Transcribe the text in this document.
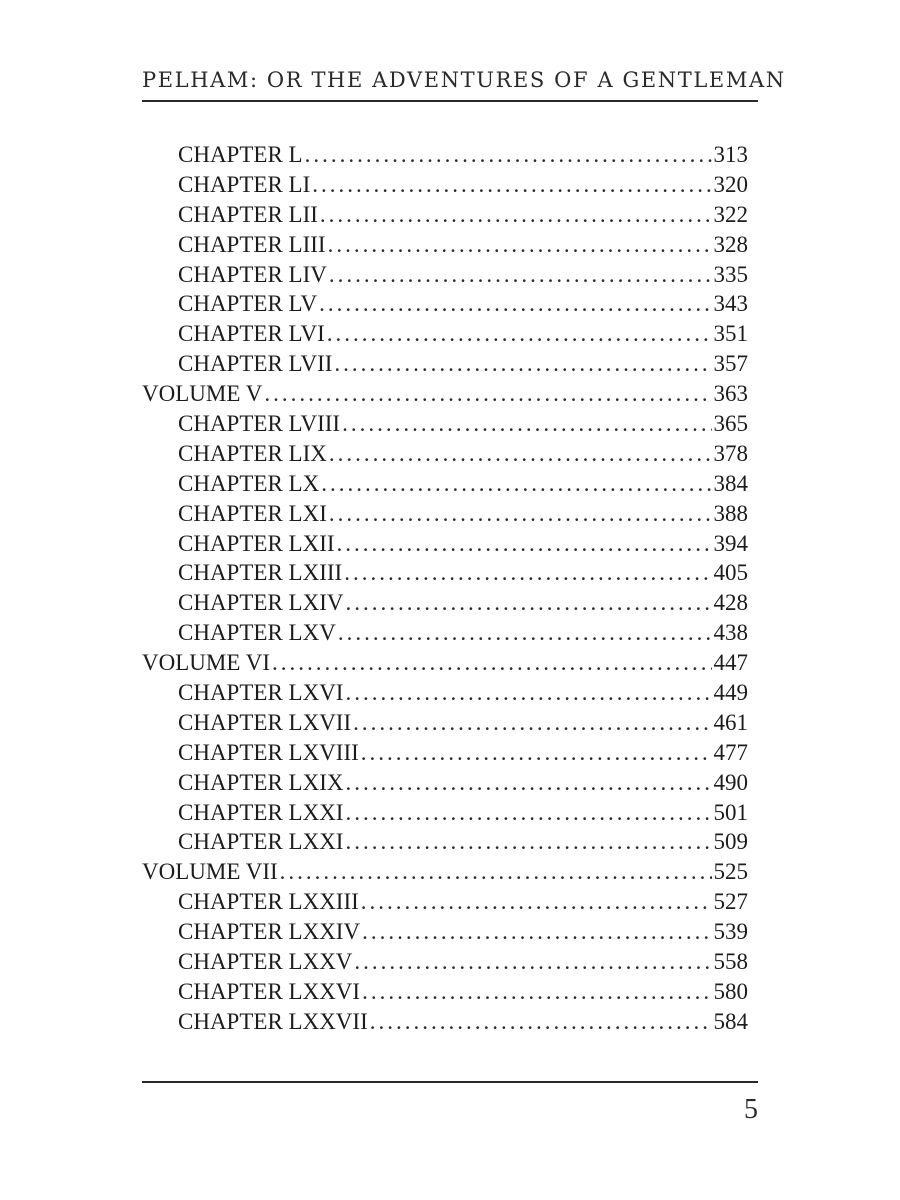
PELHAM: OR THE ADVENTURES OF A GENTLEMAN
CHAPTER L .....	313
CHAPTER LI .....	320
CHAPTER LII .....	322
CHAPTER LIII .....	328
CHAPTER LIV .....	335
CHAPTER LV .....	343
CHAPTER LVI .....	351
CHAPTER LVII .....	357
VOLUME V .....	363
CHAPTER LVIII .....	365
CHAPTER LIX .....	378
CHAPTER LX .....	384
CHAPTER LXI .....	388
CHAPTER LXII .....	394
CHAPTER LXIII .....	405
CHAPTER LXIV .....	428
CHAPTER LXV .....	438
VOLUME VI .....	447
CHAPTER LXVI .....	449
CHAPTER LXVII .....	461
CHAPTER LXVIII .....	477
CHAPTER LXIX .....	490
CHAPTER LXXI .....	501
CHAPTER LXXI .....	509
VOLUME VII .....	525
CHAPTER LXXIII .....	527
CHAPTER LXXIV .....	539
CHAPTER LXXV .....	558
CHAPTER LXXVI .....	580
CHAPTER LXXVII .....	584
5
